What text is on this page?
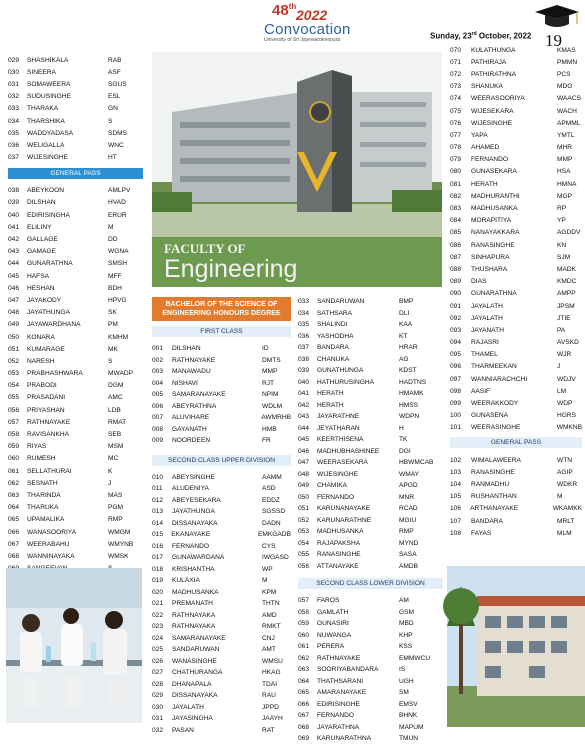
48th
2022
Convocation
University of Sri Jayewardenepura	Sunday, 23rd October, 2022 19
029	SHASHIKALA	RAB
030	SINEERA	ASF
031	SOMAWEERA	SGUS
032	SUDUSINGHE	ESL
033	THARAKA	GN
034	THARSHIKA	S
035	WADDYADASA	SDMS
036	WELIGALLA	WNC
037	WIJESINGHE	HT
GENERAL PASS
038	ABEYKOON	AMLPV
039	DILSHAN	HVAD
040	EDIRISINGHA	ERUR
041	ELILINY	M
042	GALLAGE	DD
043	GAMAGE	WGNA
044	GUNARATHNA	SMSH
045	HAFSA	MFF
046	HESHAN	BDH
047	JAYAKODY	HPVG
048	JAYATHUNGA	SK
049	JAYAWARDHANA	PM
050	KONARA	KMHM
051	KUMARAGE	MK
052	NARESH	S
053	PRABHASHWARA	MWADP
054	PRABODI	DGM
055	PRASADANI	AMC
056	PRIYASHAN	LDB
057	RATHNAYAKE	RMAT
058	RAVISANKHA	SEB
059	RIYAS	MSM
060	RUMESH	MC
061	SELLATHURAI	K
062	SESNATH	J
063	THARINDA	MAS
064	THARUKA	PGM
065	UPAMALIKA	RMP
066	WANASOORIYA	WMGM
067	WEERABAHU	WMYNB
068	WANNINAYAKA	WMSK
FACULTY OF
Engineering
BACHELOR OF THE SCIENCE OF ENGINEERING HONOURS DEGREE
FIRST CLASS
001	DILSHAN	ID
002	RATHNAYAKE	DMTS
003	MANAWADU	MMP
004	NISHAVI	RJT
005	SAMARANAYAKE	NPIM
006	ABEYRATHNA	WDLM
007	ALUVIHARE	AWMRHB
008	GAYANATH	HMB
009	NOORDEEN	FR
SECOND CLASS UPPER DIVISION
010	ABEYSINGHE	AAMM
011	ALUDENIYA	ASD
012	ABEYESEKARA	EDDZ
013	JAYATHUNGA	SGSSD
014	DISSANAYAKA	DADN
015	EKANAYAKE	EMKGADB
016	FERNANDO	CYS
017	GUNAWARDANA	IWGASD
018	KRISHANTHA	WP
019	KULAXIA	M
020	MADHUSANKA	KPM
021	PREMANATH	THTN
022	RATHNAYAKA	AMD
023	RATHNAYAKA	RMKT
024	SAMARANAYAKE	CNJ
025	SANDARUWAN	AMT
026	WANASINGHE	WMSU
027	CHATHURANGA	HKAG
028	DHANAPALA	TDAI
029	DISSANAYAKA	RAU
030	JAYALATH	JPPD
031	JAYASINGHA	JAAYH
032	PASAN	RAT
033	SANDARUWAN	BMP
034	SATHSARA	DLI
035	SHALINDI	KAA
036	YASHODHA	KT
037	BANDARA	HRAR
038	CHANUKA	AG
039	GUNATHUNGA	KDST
040	HATHURUSINGHA	HADTNS
041	HERATH	HMAMK
042	HERATH	HMSS
043	JAYARATHNE	WDPN
044	JEYATHARAN	H
045	KEERTHISENA	TK
046	MADHUBHASHINEE	DGI
047	WEERASEKARA	HBWMCAB
048	WIJESINGHE	WMAY
049	CHAMIKA	APGD
050	FERNANDO	MNR
051	KARUNANAYAKE	RCAD
052	KARUNARATHNE	MGIU
053	MADHUSANKA	RMP
054	RAJAPAKSHA	MYND
055	RANASINGHE	SASA
056	ATTANAYAKE	AMDB
SECOND CLASS LOWER DIVISION
057	FAROS	AM
058	GAMLATH	GSM
059	GUNASIRI	MBD
060	NUWANGA	KHP
061	PERERA	KSS
062	RATHNAYAKE	EMMWCU
063	SOORIYABANDARA	IS
064	THATHSARANI	UGH
065	AMARANAYAKE	SM
066	EDIRISINGHE	EMSV
067	FERNANDO	BHNK
068	JAYARATHNA	MAPUM
069	KARUNARATHNA	TMUN
070	KULATHUNGA	KMAS
071	PATHIRAJA	PMMN
072	PATHIRATHNA	PCS
073	SHANUKA	MDG
074	WEERASOORIYA	WAACS
075	WIJESEKARA	WACH
076	WIJESINGHE	APMML
077	YAPA	YMTL
078	AHAMED	MHR
079	FERNANDO	MMP
080	GUNASEKARA	HSA
081	HERATH	HMNA
082	MADHURANTHI	MGP
083	MADHUSANKA	RP
084	MORAPITIYA	YP
085	NANAYAKKARA	AGDDV
086	RANASINGHE	KN
087	SINHAPURA	SJM
088	THUSHARA	MADK
089	DIAS	KMDC
090	GUNARATHNA	AMPP
091	JAYALATH	JPSM
092	JAYALATH	JTIE
093	JAYANATH	PA
094	RAJASRI	AVSKD
095	THAMEL	WJR
096	THARMEEKAN	J
097	WANNIARACHCHI	WDJV
098	AASIF	LM
099	WEERAKKODY	WDP
100	GUNASENA	HGRS
101	WEERASINGHE	WMKNB
GENERAL PASS
102	WIMALAWEERA	WTN
103	RANASINGHE	AGIP
104	RANMADHU	WDKR
105	RUSHANTHAN	M
106	ARTHANAYAKE	WKAMKK
107	BANDARA	MRLT
108	FAYAS	MLM
